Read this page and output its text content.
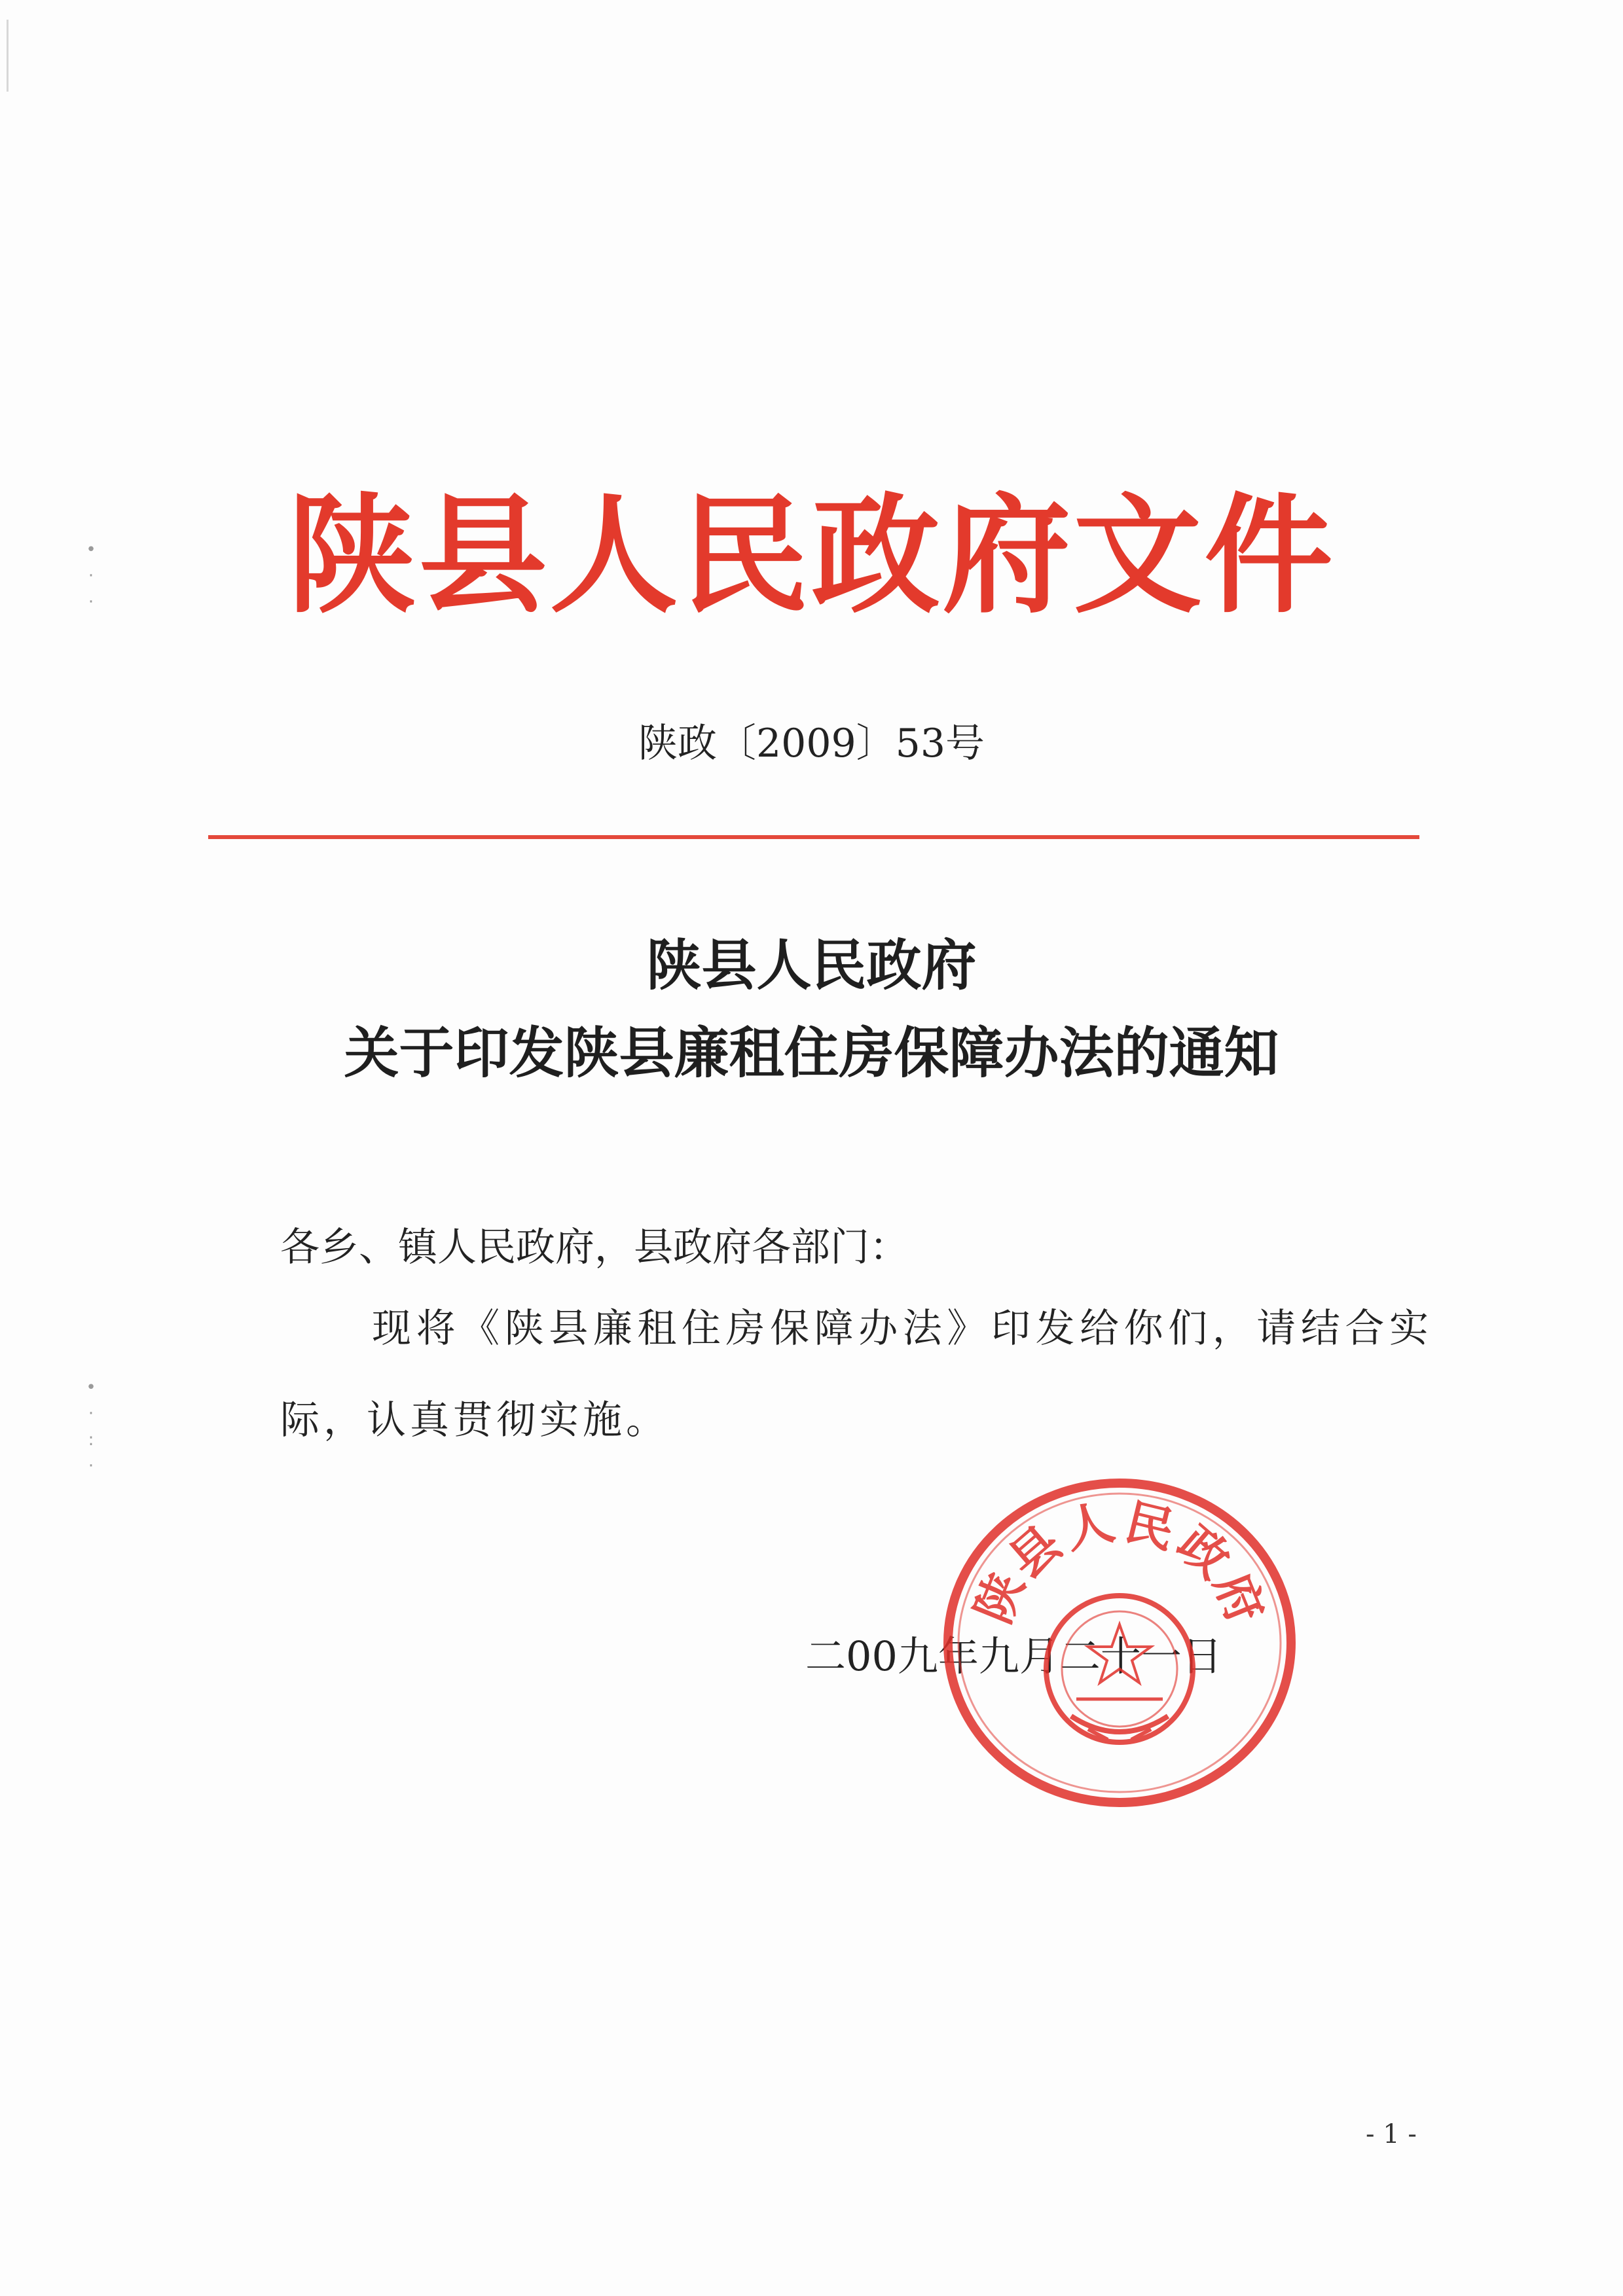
•
·
·
•
·
:
·
陕县人民政府文件
陕政〔2009〕53号
陕县人民政府
关于印发陕县廉租住房保障办法的通知
各乡、镇人民政府，县政府各部门：
现将《陕县廉租住房保障办法》印发给你们，请结合实际，认真贯彻实施。
二00九年九月二十一日
陕
县
人 民
政
府
- 1 -
